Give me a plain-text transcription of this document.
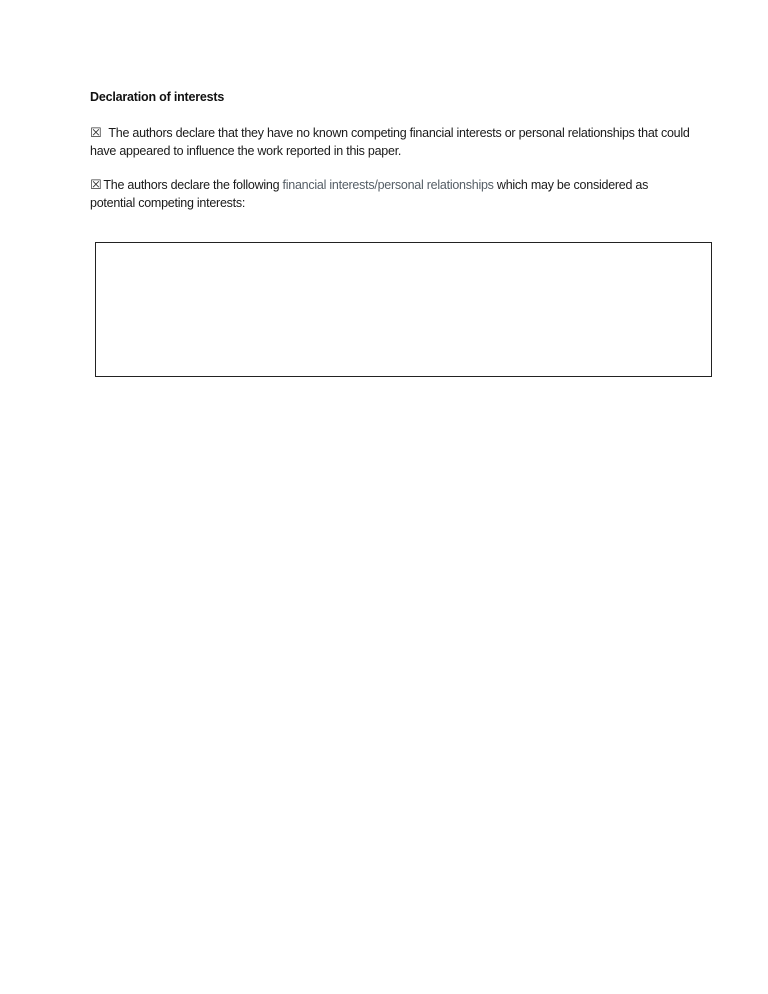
Declaration of interests
☒ The authors declare that they have no known competing financial interests or personal relationships that could have appeared to influence the work reported in this paper.
☒ The authors declare the following financial interests/personal relationships which may be considered as potential competing interests:
